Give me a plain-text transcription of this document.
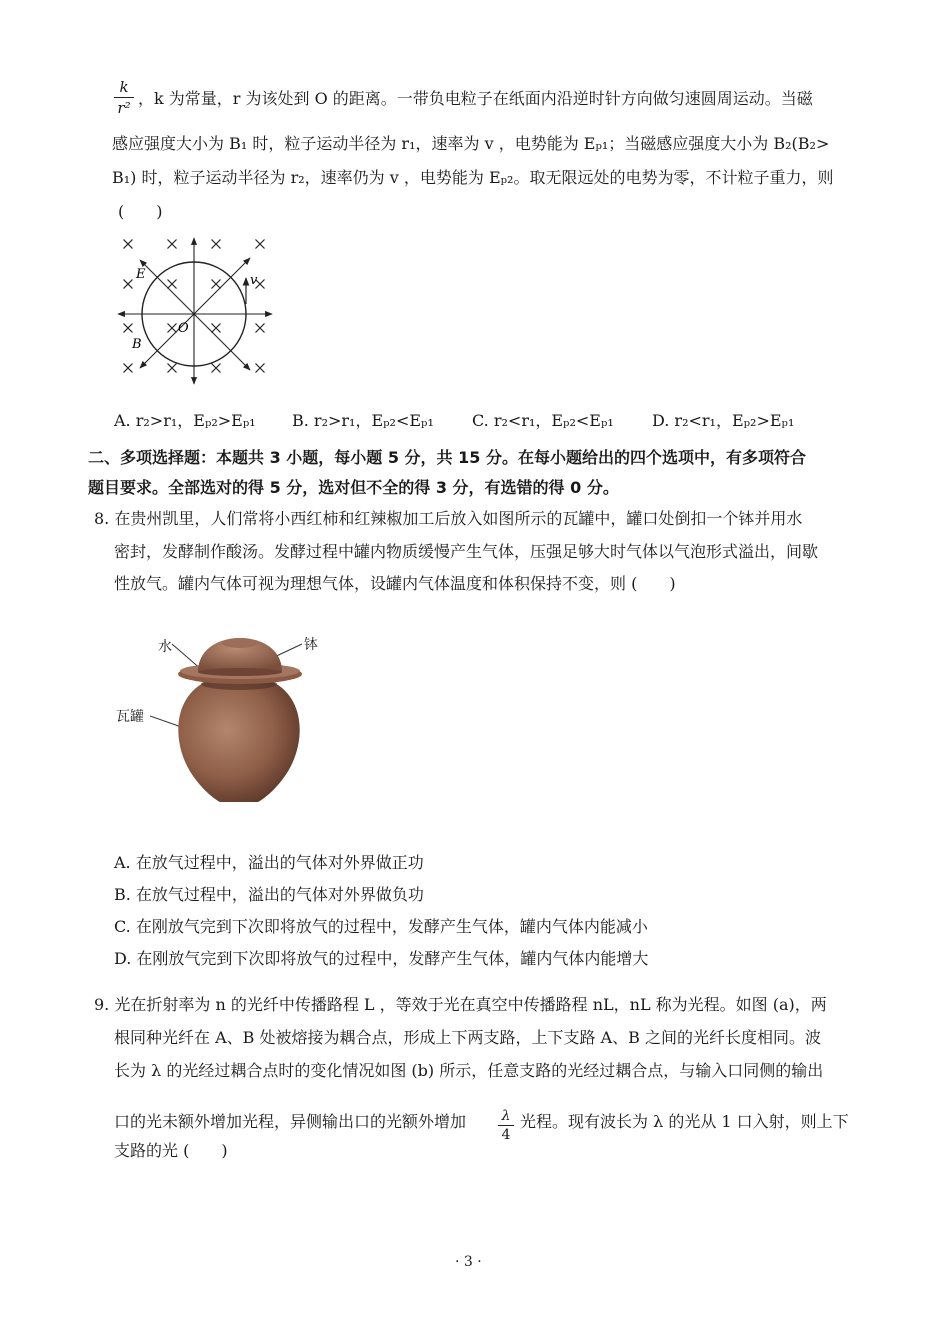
k
r² ，k 为常量，r 为该处到 O 的距离。一带负电粒子在纸面内沿逆时针方向做匀速圆周运动。当磁
感应强度大小为 B₁ 时，粒子运动半径为 r₁，速率为 v ，电势能为 Eₚ₁；当磁感应强度大小为 B₂(B₂>
B₁) 时，粒子运动半径为 r₂，速率仍为 v ，电势能为 Eₚ₂。取无限远处的电势为零，不计粒子重力，则
(　　)
v
E
O
B
A. r₂>r₁，Eₚ₂>Eₚ₁ B. r₂>r₁，Eₚ₂<Eₚ₁ C. r₂<r₁，Eₚ₂<Eₚ₁ D. r₂<r₁，Eₚ₂>Eₚ₁
二、多项选择题：本题共 3 小题，每小题 5 分，共 15 分。在每小题给出的四个选项中，有多项符合
题目要求。全部选对的得 5 分，选对但不全的得 3 分，有选错的得 0 分。
8. 在贵州凯里，人们常将小西红柿和红辣椒加工后放入如图所示的瓦罐中，罐口处倒扣一个钵并用水
密封，发酵制作酸汤。发酵过程中罐内物质缓慢产生气体，压强足够大时气体以气泡形式溢出，间歇
性放气。罐内气体可视为理想气体，设罐内气体温度和体积保持不变，则 (　　)
水	钵
瓦罐
A. 在放气过程中，溢出的气体对外界做正功
B. 在放气过程中，溢出的气体对外界做负功
C. 在刚放气完到下次即将放气的过程中，发酵产生气体，罐内气体内能减小
D. 在刚放气完到下次即将放气的过程中，发酵产生气体，罐内气体内能增大
9. 光在折射率为 n 的光纤中传播路程 L ，等效于光在真空中传播路程 nL，nL 称为光程。如图 (a)，两
根同种光纤在 A、B 处被熔接为耦合点，形成上下两支路，上下支路 A、B 之间的光纤长度相同。波
长为 λ 的光经过耦合点时的变化情况如图 (b) 所示，任意支路的光经过耦合点，与输入口同侧的输出
口的光未额外增加光程，异侧输出口的光额外增加	λ
4
光程。现有波长为 λ 的光从 1 口入射，则上下
支路的光 (　　)
· 3 ·
